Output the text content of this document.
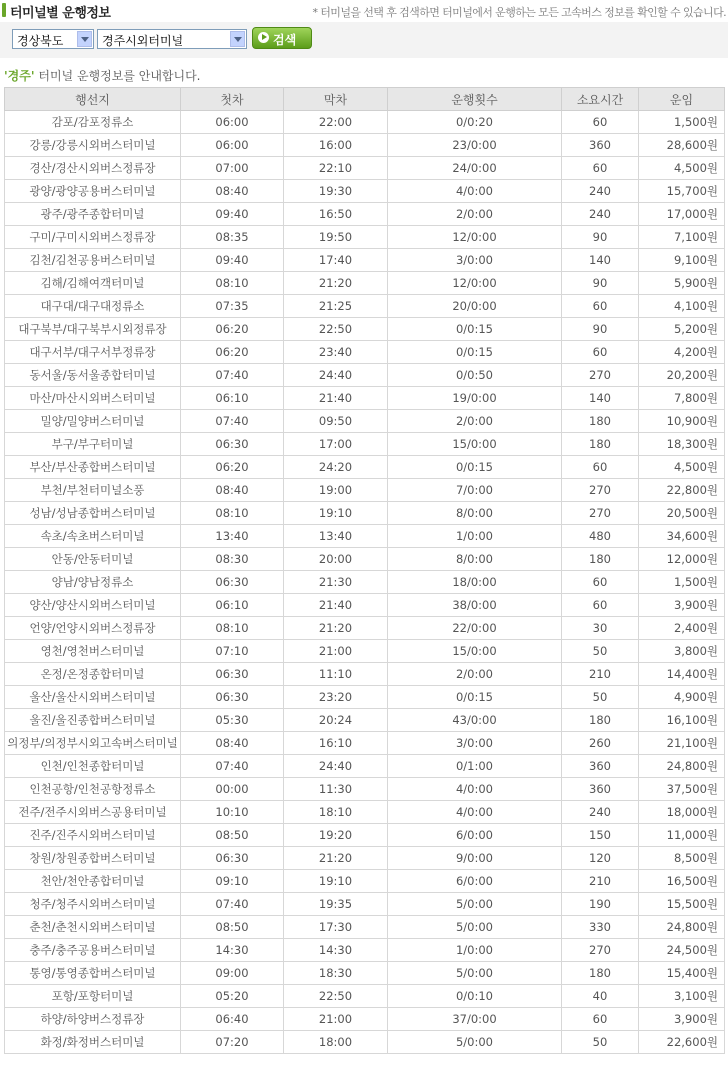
터미널별 운행정보	* 터미널을 선택 후 검색하면 터미널에서 운행하는 모든 고속버스 정보를 확인할 수 있습니다.
경상북도	경주시외터미널	검색
'경주' 터미널 운행정보를 안내합니다.
행선지	첫차	막차	운행횟수	소요시간	운임
감포/감포정류소	06:00	22:00	0/0:20	60	1,500원
강릉/강릉시외버스터미널	06:00	16:00	23/0:00	360	28,600원
경산/경산시외버스정류장	07:00	22:10	24/0:00	60	4,500원
광양/광양공용버스터미널	08:40	19:30	4/0:00	240	15,700원
광주/광주종합터미널	09:40	16:50	2/0:00	240	17,000원
구미/구미시외버스정류장	08:35	19:50	12/0:00	90	7,100원
김천/김천공용버스터미널	09:40	17:40	3/0:00	140	9,100원
김해/김해여객터미널	08:10	21:20	12/0:00	90	5,900원
대구대/대구대정류소	07:35	21:25	20/0:00	60	4,100원
대구북부/대구북부시외정류장	06:20	22:50	0/0:15	90	5,200원
대구서부/대구서부정류장	06:20	23:40	0/0:15	60	4,200원
동서울/동서울종합터미널	07:40	24:40	0/0:50	270	20,200원
마산/마산시외버스터미널	06:10	21:40	19/0:00	140	7,800원
밀양/밀양버스터미널	07:40	09:50	2/0:00	180	10,900원
부구/부구터미널	06:30	17:00	15/0:00	180	18,300원
부산/부산종합버스터미널	06:20	24:20	0/0:15	60	4,500원
부천/부천터미널소풍	08:40	19:00	7/0:00	270	22,800원
성남/성남종합버스터미널	08:10	19:10	8/0:00	270	20,500원
속초/속초버스터미널	13:40	13:40	1/0:00	480	34,600원
안동/안동터미널	08:30	20:00	8/0:00	180	12,000원
양남/양남정류소	06:30	21:30	18/0:00	60	1,500원
양산/양산시외버스터미널	06:10	21:40	38/0:00	60	3,900원
언양/언양시외버스정류장	08:10	21:20	22/0:00	30	2,400원
영천/영천버스터미널	07:10	21:00	15/0:00	50	3,800원
온정/온정종합터미널	06:30	11:10	2/0:00	210	14,400원
울산/울산시외버스터미널	06:30	23:20	0/0:15	50	4,900원
울진/울진종합버스터미널	05:30	20:24	43/0:00	180	16,100원
의정부/의정부시외고속버스터미널	08:40	16:10	3/0:00	260	21,100원
인천/인천종합터미널	07:40	24:40	0/1:00	360	24,800원
인천공항/인천공항정류소	00:00	11:30	4/0:00	360	37,500원
전주/전주시외버스공용터미널	10:10	18:10	4/0:00	240	18,000원
진주/진주시외버스터미널	08:50	19:20	6/0:00	150	11,000원
창원/창원종합버스터미널	06:30	21:20	9/0:00	120	8,500원
천안/천안종합터미널	09:10	19:10	6/0:00	210	16,500원
청주/청주시외버스터미널	07:40	19:35	5/0:00	190	15,500원
춘천/춘천시외버스터미널	08:50	17:30	5/0:00	330	24,800원
충주/충주공용버스터미널	14:30	14:30	1/0:00	270	24,500원
통영/통영종합버스터미널	09:00	18:30	5/0:00	180	15,400원
포항/포항터미널	05:20	22:50	0/0:10	40	3,100원
하양/하양버스정류장	06:40	21:00	37/0:00	60	3,900원
화정/화정버스터미널	07:20	18:00	5/0:00	50	22,600원
